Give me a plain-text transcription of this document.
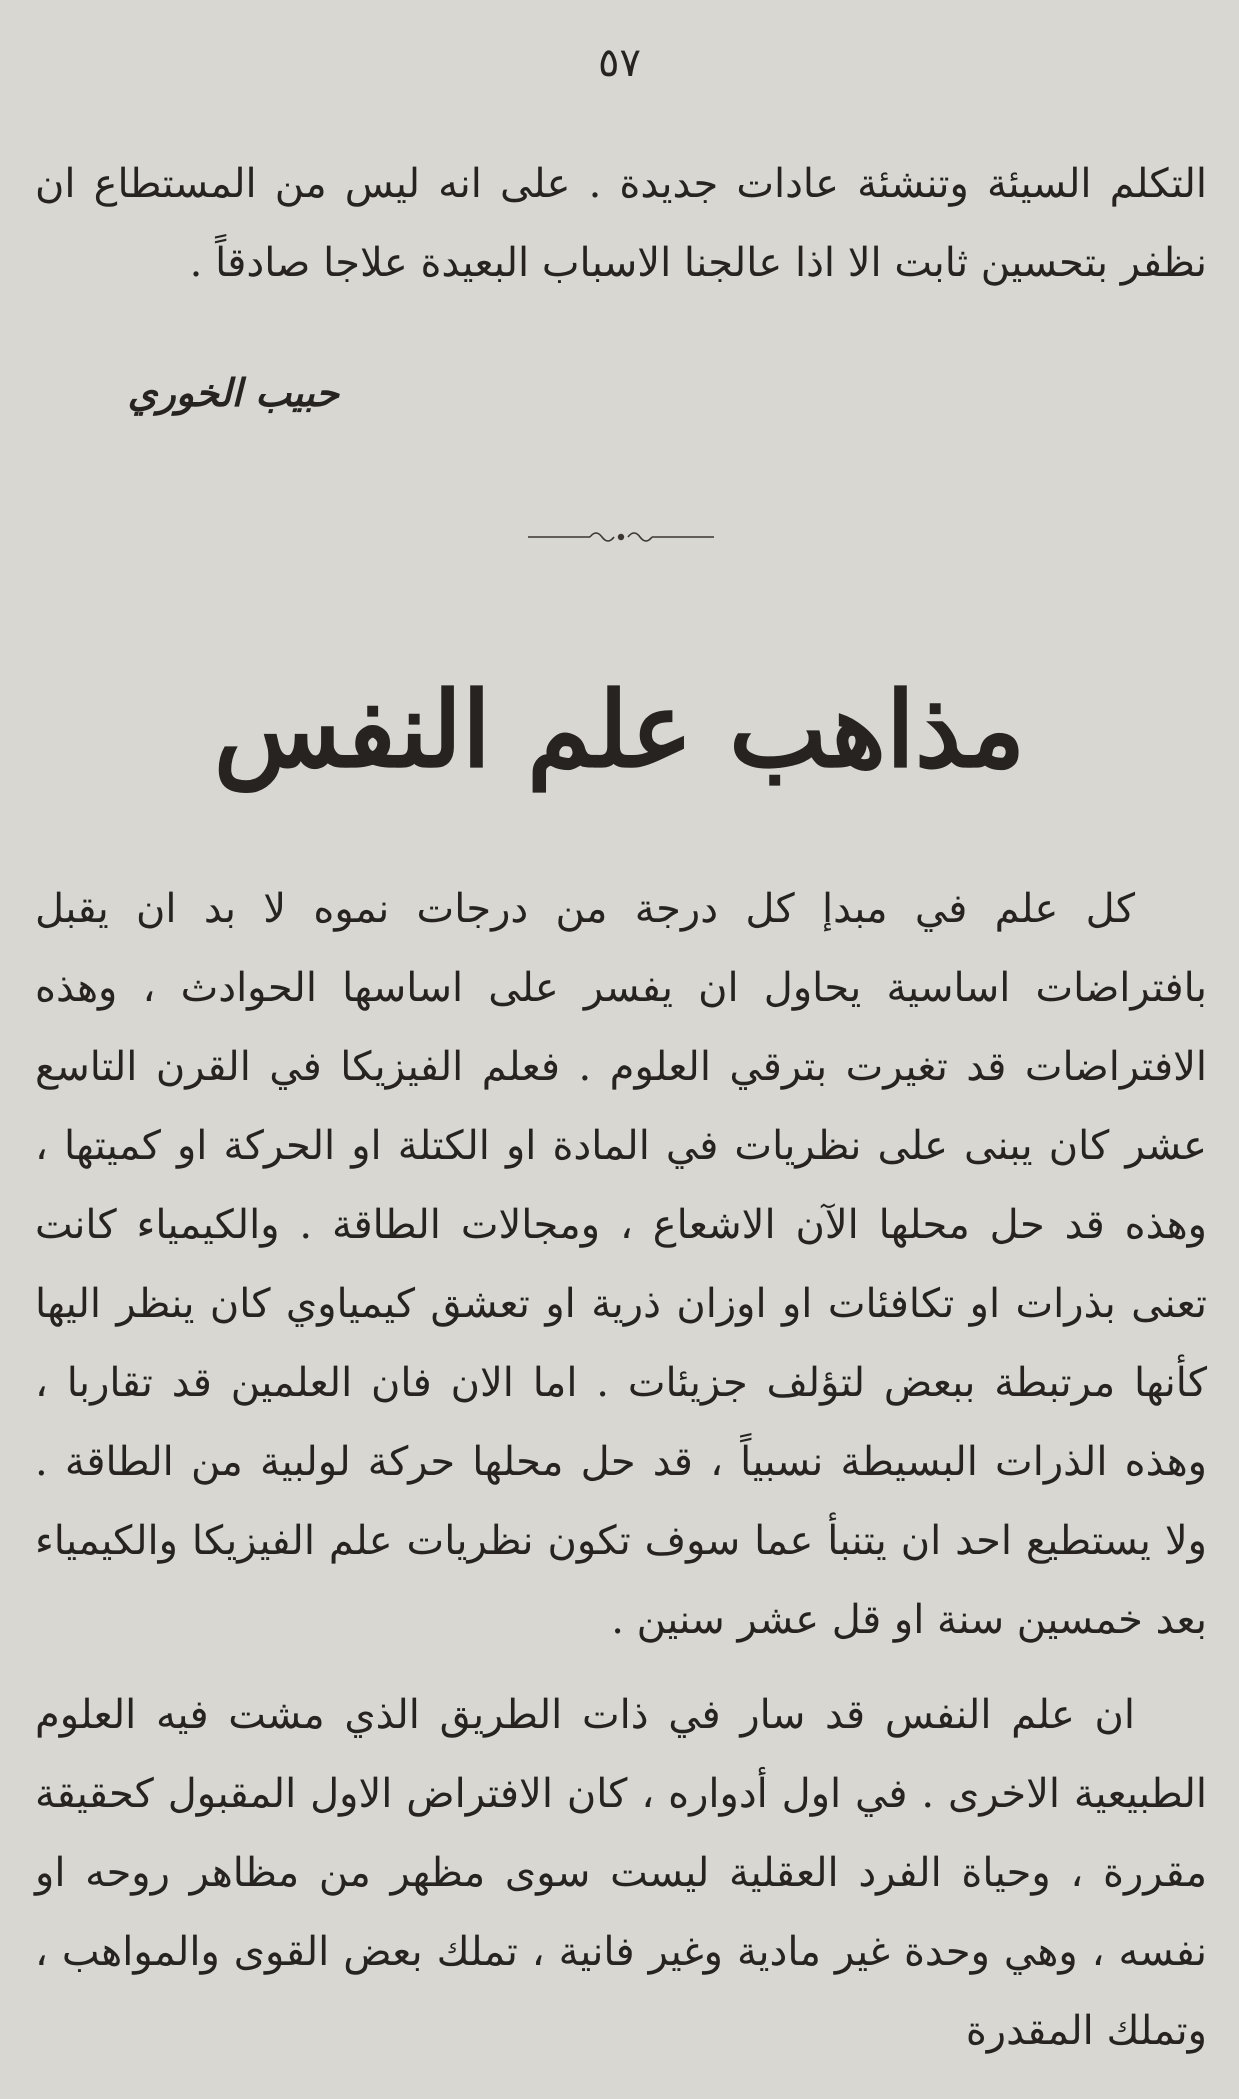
٥٧
التكلم السيئة وتنشئة عادات جديدة . على انه ليس من المستطاع ان نظفر بتحسين ثابت الا اذا عالجنا الاسباب البعيدة علاجا صادقاً .
حبيب الخوري
مذاهب علم النفس

كل علم في مبدإ كل درجة من درجات نموه لا بد ان يقبل بافتراضات اساسية يحاول ان يفسر على اساسها الحوادث ، وهذه الافتراضات قد تغيرت بترقي العلوم . فعلم الفيزيكا في القرن التاسع عشر كان يبنى على نظريات في المادة او الكتلة او الحركة او كميتها ، وهذه قد حل محلها الآن الاشعاع ، ومجالات الطاقة . والكيمياء كانت تعنى بذرات او تكافئات او اوزان ذرية او تعشق كيمياوي كان ينظر اليها كأنها مرتبطة ببعض لتؤلف جزيئات . اما الان فان العلمين قد تقاربا ، وهذه الذرات البسيطة نسبياً ، قد حل محلها حركة لولبية من الطاقة . ولا يستطيع احد ان يتنبأ عما سوف تكون نظريات علم الفيزيكا والكيمياء بعد خمسين سنة او قل عشر سنين .

ان علم النفس قد سار في ذات الطريق الذي مشت فيه العلوم الطبيعية الاخرى . في اول أدواره ، كان الافتراض الاول المقبول كحقيقة مقررة ، وحياة الفرد العقلية ليست سوى مظهر من مظاهر روحه او نفسه ، وهي وحدة غير مادية وغير فانية ، تملك بعض القوى والمواهب ، وتملك المقدرة
